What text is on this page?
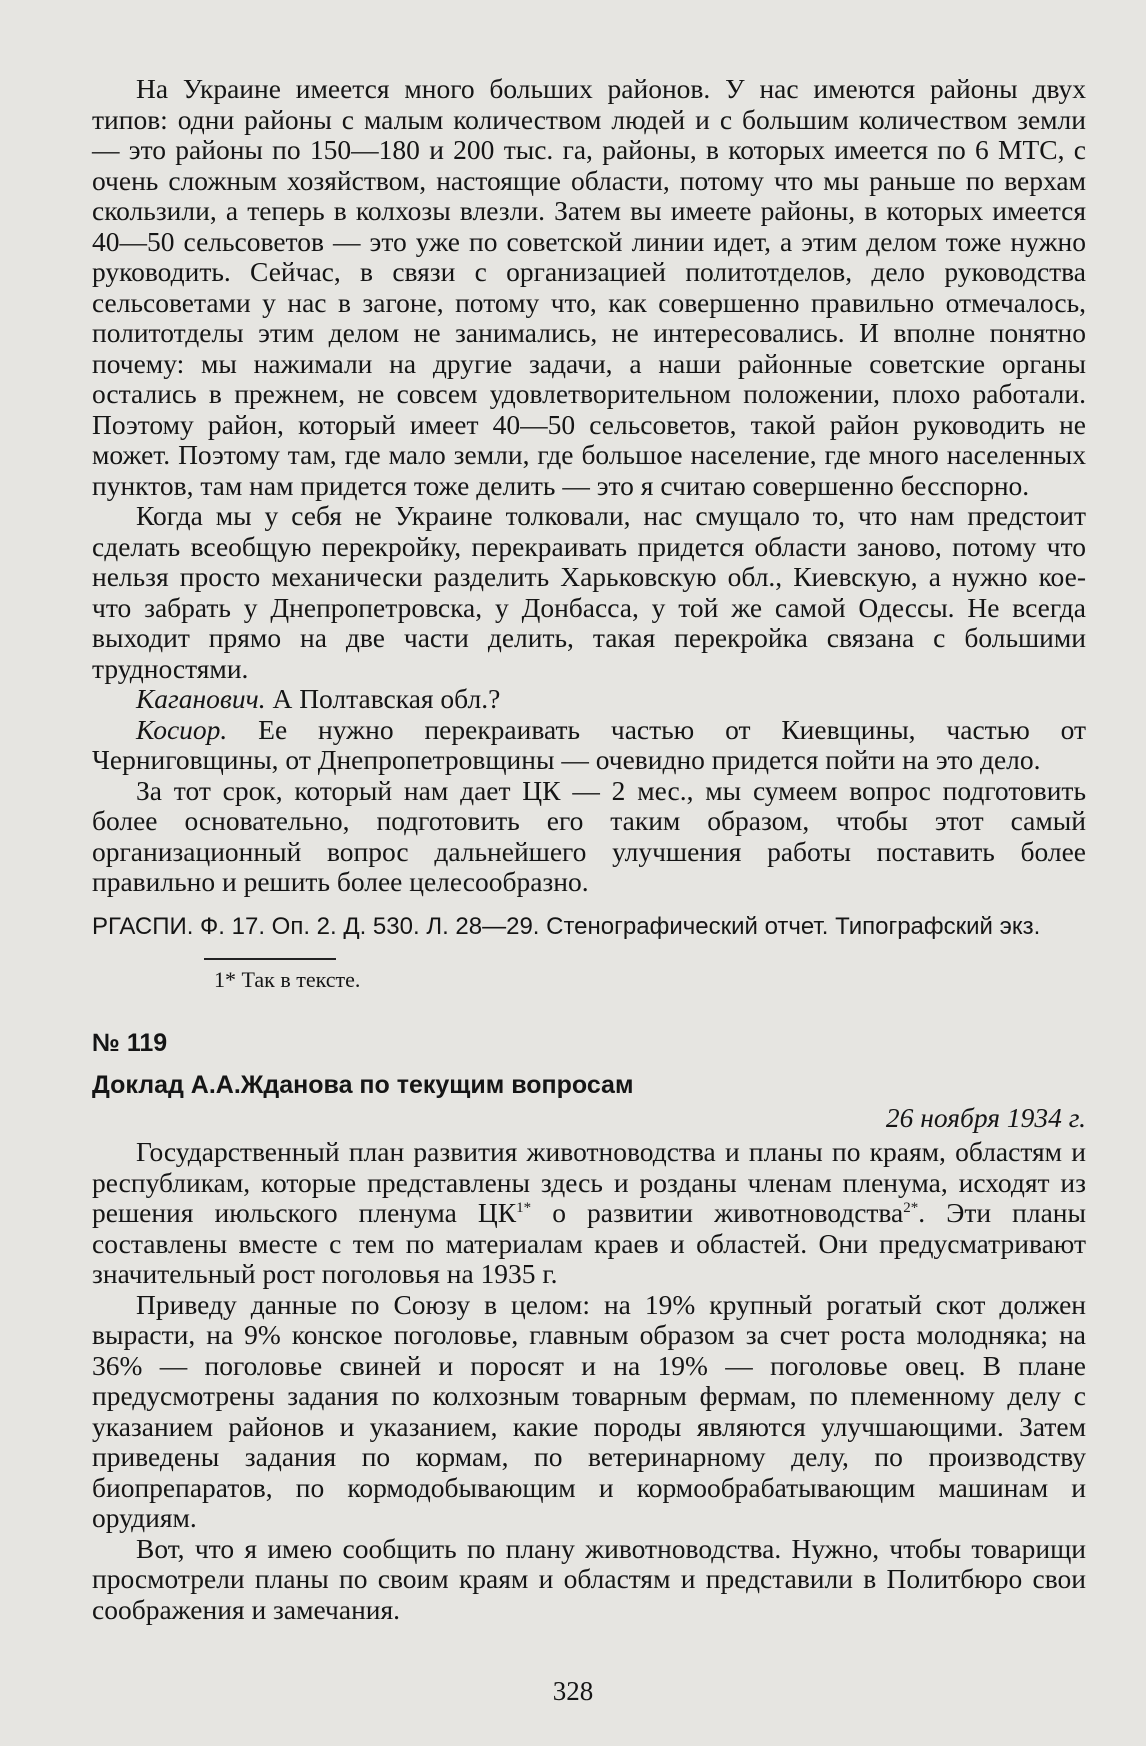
На Украине имеется много больших районов. У нас имеются районы двух типов: одни районы с малым количеством людей и с большим количеством земли — это районы по 150—180 и 200 тыс. га, районы, в которых имеется по 6 МТС, с очень сложным хозяйством, настоящие области, потому что мы раньше по верхам скользили, а теперь в колхозы влезли. Затем вы имеете районы, в которых имеется 40—50 сельсоветов — это уже по советской линии идет, а этим делом тоже нужно руководить. Сейчас, в связи с организацией политотделов, дело руководства сельсоветами у нас в загоне, потому что, как совершенно правильно отмечалось, политотделы этим делом не занимались, не интересовались. И вполне понятно почему: мы нажимали на другие задачи, а наши районные советские органы остались в прежнем, не совсем удовлетворительном положении, плохо работали. Поэтому район, который имеет 40—50 сельсоветов, такой район руководить не может. Поэтому там, где мало земли, где большое население, где много населенных пунктов, там нам придется тоже делить — это я считаю совершенно бесспорно.

Когда мы у себя не Украине толковали, нас смущало то, что нам предстоит сделать всеобщую перекройку, перекраивать придется области заново, потому что нельзя просто механически разделить Харьковскую обл., Киевскую, а нужно кое-что забрать у Днепропетровска, у Донбасса, у той же самой Одессы. Не всегда выходит прямо на две части делить, такая перекройка связана с большими трудностями.

Каганович. А Полтавская обл.?

Косиор. Ее нужно перекраивать частью от Киевщины, частью от Черниговщины, от Днепропетровщины — очевидно придется пойти на это дело.

За тот срок, который нам дает ЦК — 2 мес., мы сумеем вопрос подготовить более основательно, подготовить его таким образом, чтобы этот самый организационный вопрос дальнейшего улучшения работы поставить более правильно и решить более целесообразно.

РГАСПИ. Ф. 17. Оп. 2. Д. 530. Л. 28—29. Стенографический отчет. Типографский экз.
1* Так в тексте.
№ 119
Доклад А.А.Жданова по текущим вопросам
26 ноября 1934 г.

Государственный план развития животноводства и планы по краям, областям и республикам, которые представлены здесь и розданы членам пленума, исходят из решения июльского пленума $ЦК^{1*}$ о развитии животноводства$^{2*}$. Эти планы составлены вместе с тем по материалам краев и областей. Они предусматривают значительный рост поголовья на 1935 г.

Приведу данные по Союзу в целом: на 19% крупный рогатый скот должен вырасти, на 9% конское поголовье, главным образом за счет роста молодняка; на 36% — поголовье свиней и поросят и на 19% — поголовье овец. В плане предусмотрены задания по колхозным товарным фермам, по племенному делу с указанием районов и указанием, какие породы являются улучшающими. Затем приведены задания по кормам, по ветеринарному делу, по производству биопрепаратов, по кормодобывающим и кормообрабатывающим машинам и орудиям.

Вот, что я имею сообщить по плану животноводства. Нужно, чтобы товарищи просмотрели планы по своим краям и областям и представили в Политбюро свои соображения и замечания.

328
